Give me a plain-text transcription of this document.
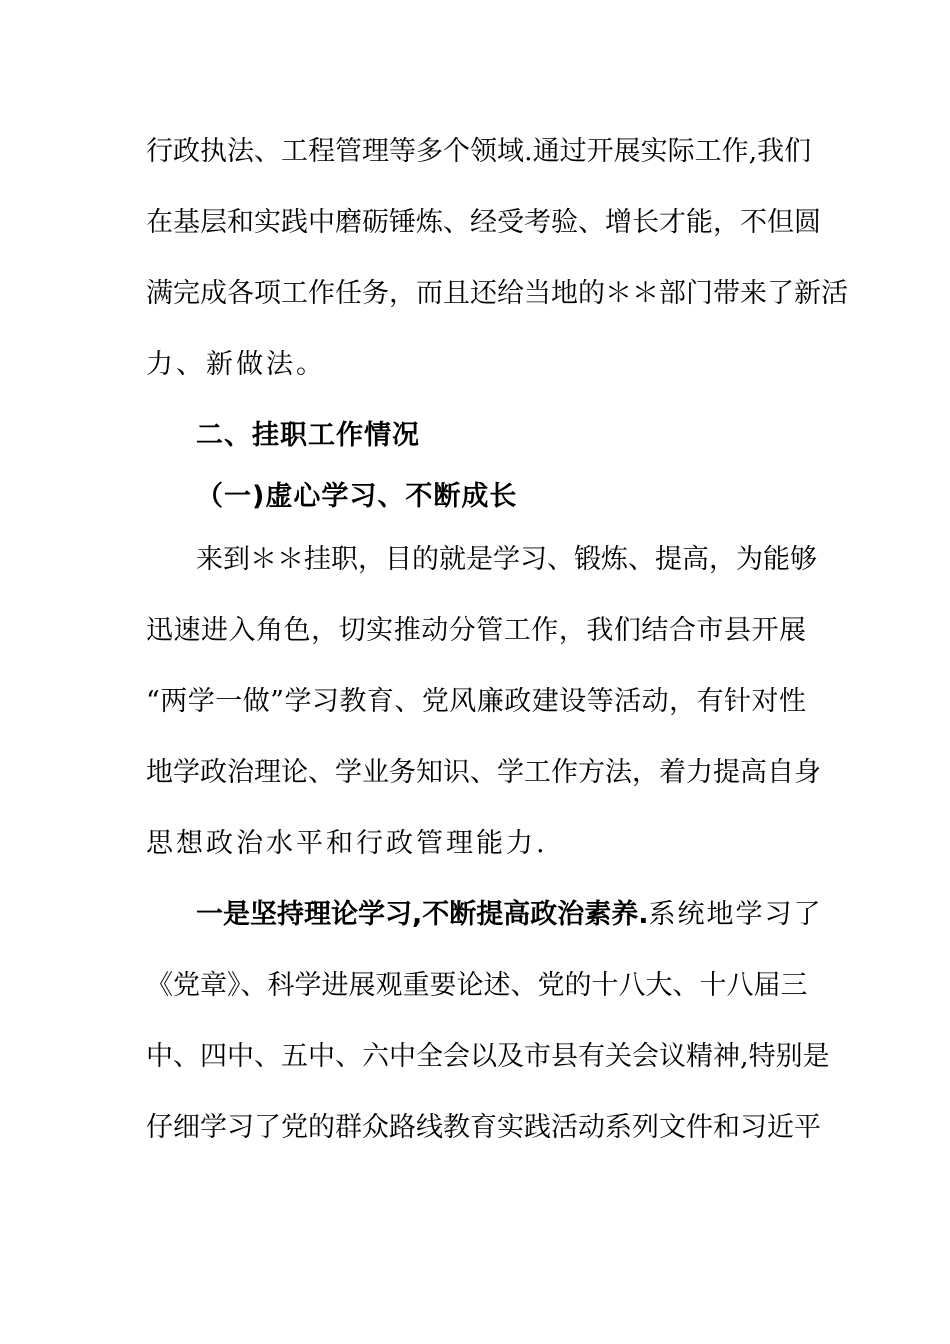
行政执法、工程管理等多个领域.通过开展实际工作,我们
在基层和实践中磨砺锤炼、经受考验、增长才能，不但圆
满完成各项工作任务，而且还给当地的＊＊部门带来了新活
力、新做法。
二、挂职工作情况
（一)虚心学习、不断成长
来到＊＊挂职，目的就是学习、锻炼、提高，为能够
迅速进入角色，切实推动分管工作，我们结合市县开展
“两学一做”学习教育、党风廉政建设等活动，有针对性
地学政治理论、学业务知识、学工作方法，着力提高自身
思想政治水平和行政管理能力.
一是坚持理论学习,不断提高政治素养.系统地学习了
《党章》、科学进展观重要论述、党的十八大、十八届三
中、四中、五中、六中全会以及市县有关会议精神,特别是
仔细学习了党的群众路线教育实践活动系列文件和习近平
